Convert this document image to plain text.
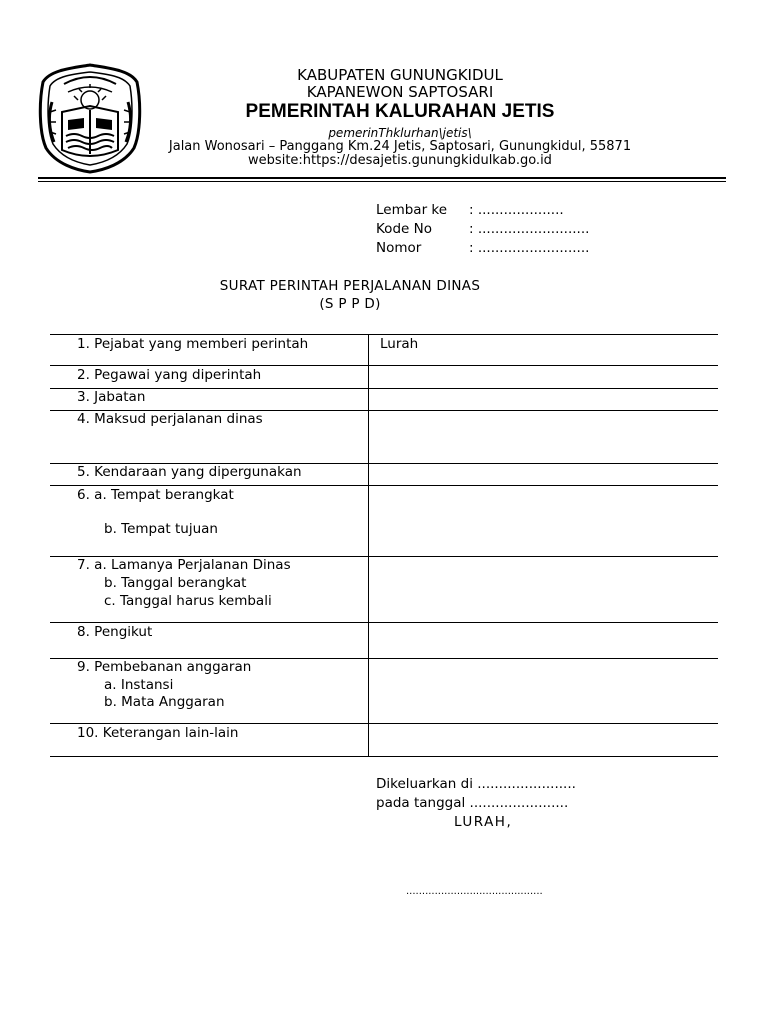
KABUPATEN GUNUNGKIDUL
KAPANEWON SAPTOSARI
PEMERINTAH KALURAHAN JETIS
pemerinThklurhan\jetis\
Jalan Wonosari – Panggang Km.24 Jetis, Saptosari, Gunungkidul, 55871
website:https://desajetis.gunungkidulkab.go.id
Lembar ke : ....................
Kode No	: ..........................
Nomor	: ..........................
SURAT PERINTAH PERJALANAN DINAS
(S P P D)
1. Pejabat yang memberi perintah	Lurah
2. Pegawai yang diperintah
3. Jabatan
4. Maksud perjalanan dinas
5. Kendaraan yang dipergunakan
6. a. Tempat berangkat
b. Tempat tujuan
7. a. Lamanya Perjalanan Dinas
b. Tanggal berangkat
c. Tanggal harus kembali
8. Pengikut
9. Pembebanan anggaran
a. Instansi
b. Mata Anggaran
10. Keterangan lain-lain
Dikeluarkan di .......................
pada tanggal .......................
LURAH,
...........................................
